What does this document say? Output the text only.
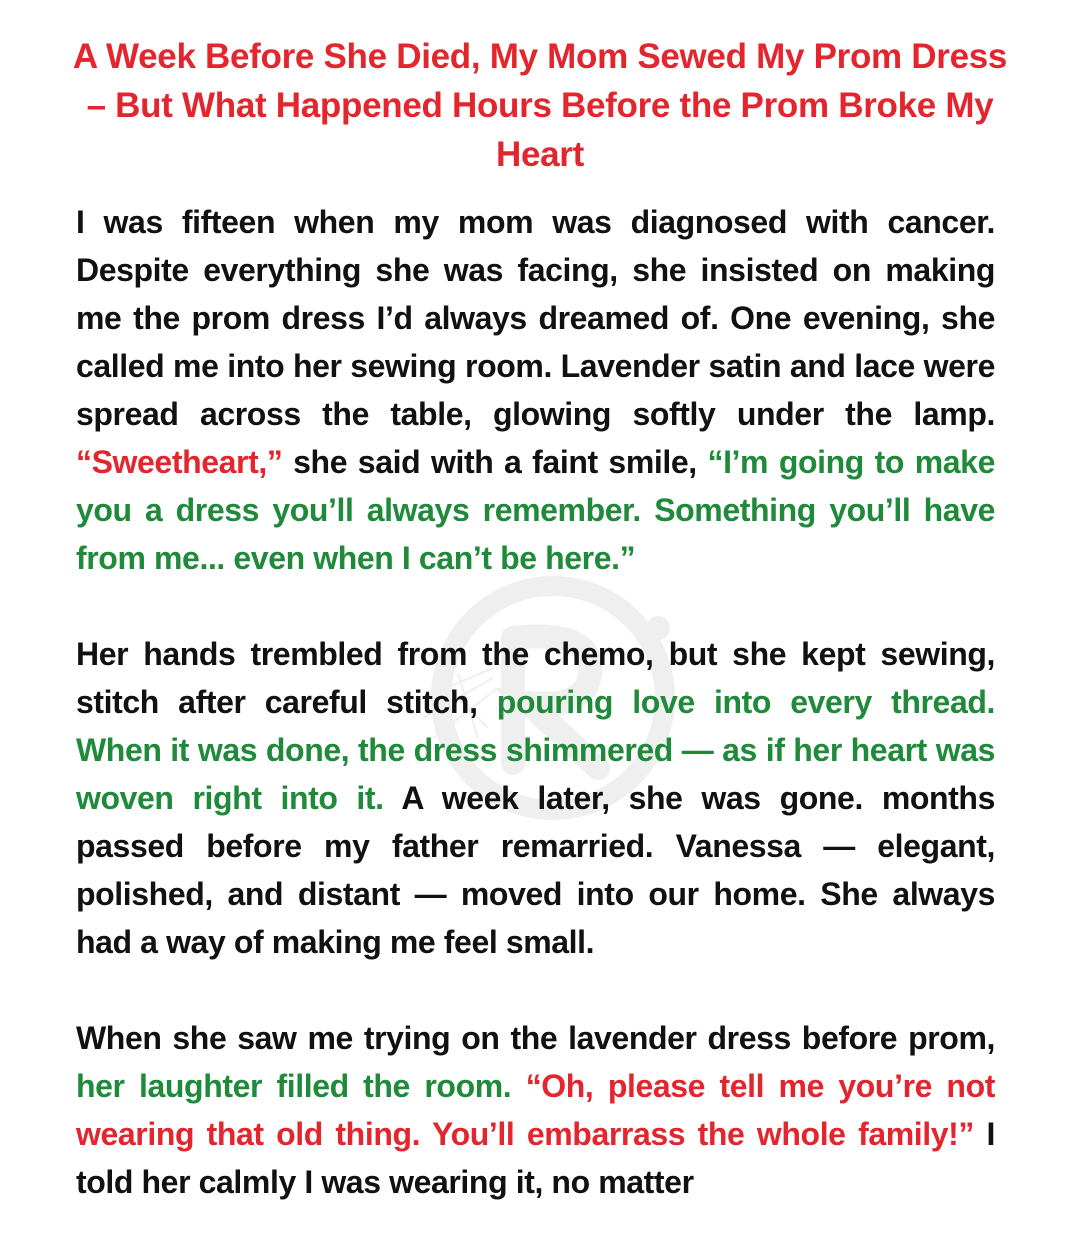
A Week Before She Died, My Mom Sewed My Prom Dress – But What Happened Hours Before the Prom Broke My Heart

I was fifteen when my mom was diagnosed with cancer. Despite everything she was facing, she insisted on making me the prom dress I’d always dreamed of. One evening, she called me into her sewing room. Lavender satin and lace were spread across the table, glowing softly under the lamp. “Sweetheart,” she said with a faint smile, “I’m going to make you a dress you’ll always remember. Something you’ll have from me... even when I can’t be here.”

Her hands trembled from the chemo, but she kept sewing, stitch after careful stitch, pouring love into every thread. When it was done, the dress shimmered — as if her heart was woven right into it. A week later, she was gone. months passed before my father remarried. Vanessa — elegant, polished, and distant — moved into our home. She always had a way of making me feel small.

When she saw me trying on the lavender dress before prom, her laughter filled the room. “Oh, please tell me you’re not wearing that old thing. You’ll embarrass the whole family!” I told her calmly I was wearing it, no matter
